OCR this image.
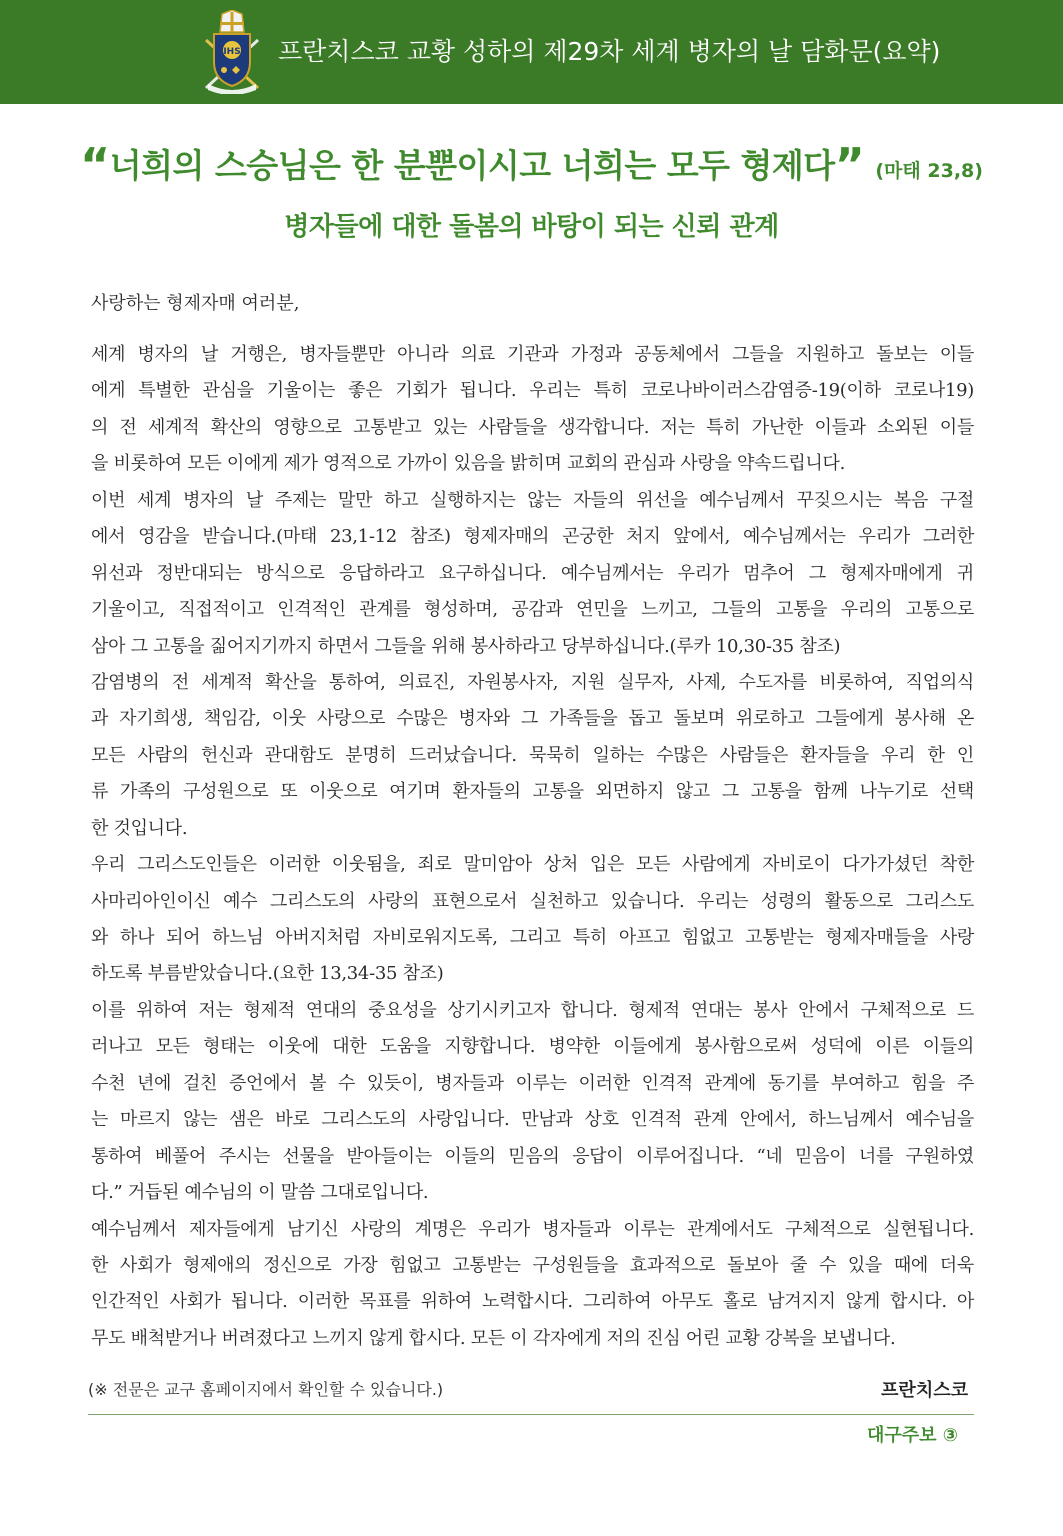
IHS 프란치스코 교황 성하의 제29차 세계 병자의 날 담화문(요약)
“너희의 스승님은 한 분뿐이시고 너희는 모두 형제다” (마태 23,8)
병자들에 대한 돌봄의 바탕이 되는 신뢰 관계
사랑하는 형제자매 여러분,
세계 병자의 날 거행은, 병자들뿐만 아니라 의료 기관과 가정과 공동체에서 그들을 지원하고 돌보는 이들
에게 특별한 관심을 기울이는 좋은 기회가 됩니다. 우리는 특히 코로나바이러스감염증-19(이하 코로나19)
의 전 세계적 확산의 영향으로 고통받고 있는 사람들을 생각합니다. 저는 특히 가난한 이들과 소외된 이들
을 비롯하여 모든 이에게 제가 영적으로 가까이 있음을 밝히며 교회의 관심과 사랑을 약속드립니다.
이번 세계 병자의 날 주제는 말만 하고 실행하지는 않는 자들의 위선을 예수님께서 꾸짖으시는 복음 구절
에서 영감을 받습니다.(마태 23,1-12 참조) 형제자매의 곤궁한 처지 앞에서, 예수님께서는 우리가 그러한
위선과 정반대되는 방식으로 응답하라고 요구하십니다. 예수님께서는 우리가 멈추어 그 형제자매에게 귀
기울이고, 직접적이고 인격적인 관계를 형성하며, 공감과 연민을 느끼고, 그들의 고통을 우리의 고통으로
삼아 그 고통을 짊어지기까지 하면서 그들을 위해 봉사하라고 당부하십니다.(루카 10,30-35 참조)
감염병의 전 세계적 확산을 통하여, 의료진, 자원봉사자, 지원 실무자, 사제, 수도자를 비롯하여, 직업의식
과 자기희생, 책임감, 이웃 사랑으로 수많은 병자와 그 가족들을 돕고 돌보며 위로하고 그들에게 봉사해 온
모든 사람의 헌신과 관대함도 분명히 드러났습니다. 묵묵히 일하는 수많은 사람들은 환자들을 우리 한 인
류 가족의 구성원으로 또 이웃으로 여기며 환자들의 고통을 외면하지 않고 그 고통을 함께 나누기로 선택
한 것입니다.
우리 그리스도인들은 이러한 이웃됨을, 죄로 말미암아 상처 입은 모든 사람에게 자비로이 다가가셨던 착한
사마리아인이신 예수 그리스도의 사랑의 표현으로서 실천하고 있습니다. 우리는 성령의 활동으로 그리스도
와 하나 되어 하느님 아버지처럼 자비로워지도록, 그리고 특히 아프고 힘없고 고통받는 형제자매들을 사랑
하도록 부름받았습니다.(요한 13,34-35 참조)
이를 위하여 저는 형제적 연대의 중요성을 상기시키고자 합니다. 형제적 연대는 봉사 안에서 구체적으로 드
러나고 모든 형태는 이웃에 대한 도움을 지향합니다. 병약한 이들에게 봉사함으로써 성덕에 이른 이들의
수천 년에 걸친 증언에서 볼 수 있듯이, 병자들과 이루는 이러한 인격적 관계에 동기를 부여하고 힘을 주
는 마르지 않는 샘은 바로 그리스도의 사랑입니다. 만남과 상호 인격적 관계 안에서, 하느님께서 예수님을
통하여 베풀어 주시는 선물을 받아들이는 이들의 믿음의 응답이 이루어집니다. “네 믿음이 너를 구원하였
다.” 거듭된 예수님의 이 말씀 그대로입니다.
예수님께서 제자들에게 남기신 사랑의 계명은 우리가 병자들과 이루는 관계에서도 구체적으로 실현됩니다.
한 사회가 형제애의 정신으로 가장 힘없고 고통받는 구성원들을 효과적으로 돌보아 줄 수 있을 때에 더욱
인간적인 사회가 됩니다. 이러한 목표를 위하여 노력합시다. 그리하여 아무도 홀로 남겨지지 않게 합시다. 아
무도 배척받거나 버려졌다고 느끼지 않게 합시다. 모든 이 각자에게 저의 진심 어린 교황 강복을 보냅니다.
(※ 전문은 교구 홈페이지에서 확인할 수 있습니다.)	프란치스코
대구주보 ③
